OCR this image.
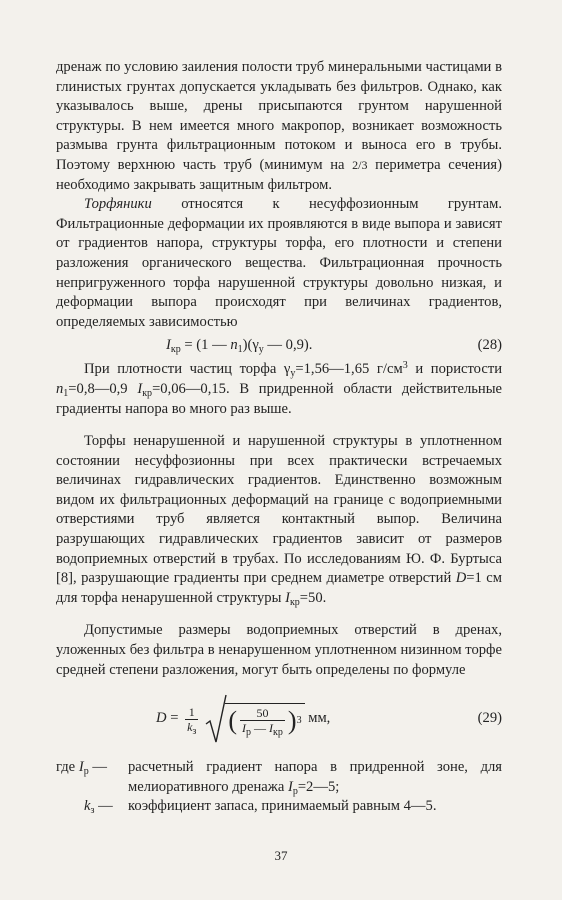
дренаж по условию заиления полости труб минеральными частицами в глинистых грунтах допускается укладывать без фильтров. Однако, как указывалось выше, дрены присыпаются грунтом нарушенной структуры. В нем имеется много макропор, возникает возможность размыва грунта фильтрационным потоком и выноса его в трубы. Поэтому верхнюю часть труб (минимум на 2/3 периметра сечения) необходимо закрывать защитным фильтром.

Торфяники относятся к несуффозионным грунтам. Фильтрационные деформации их проявляются в виде выпора и зависят от градиентов напора, структуры торфа, его плотности и степени разложения органического вещества. Фильтрационная прочность непригруженного торфа нарушенной структуры довольно низкая, и деформации выпора происходят при величинах градиентов, определяемых зависимостью

$I_{кр} = (1$ — $n_1)(\gamma_у$ — 0,9).	(28)

При плотности частиц торфа $\gamma_у=1,56—1,65$ $г/см^3$ и пористости $n_1=0,8—0,9$ $I_{кр}=0,06—0,15$. В придренной области действительные градиенты напора во много раз выше.

Торфы ненарушенной и нарушенной структуры в уплотненном состоянии несуффозионны при всех практически встречаемых величинах гидравлических градиентов. Единственно возможным видом их фильтрационных деформаций на границе с водоприемными отверстиями труб является контактный выпор. Величина разрушающих гидравлических градиентов зависит от размеров водоприемных отверстий в трубах. По исследованиям Ю. Ф. Буртыса [8], разрушающие градиенты при среднем диаметре отверстий D=1 см для торфа ненарушенной структуры $I_{кр}=50$.

Допустимые размеры водоприемных отверстий в дренах, уложенных без фильтра в ненарушенном уплотненном низинном торфе средней степени разложения, могут быть определены по формуле

$D = \frac{1}{k_з}$ ( $\frac{50}{I_р — I_{кр}}$ ) 3 мм,	(29)
где $I_р$ —	расчетный градиент напора в придренной зоне, для мелиоративного дренажа $I_р=2—5$;
$k_з$ — коэффициент запаса, принимаемый равным 4—5.
37
